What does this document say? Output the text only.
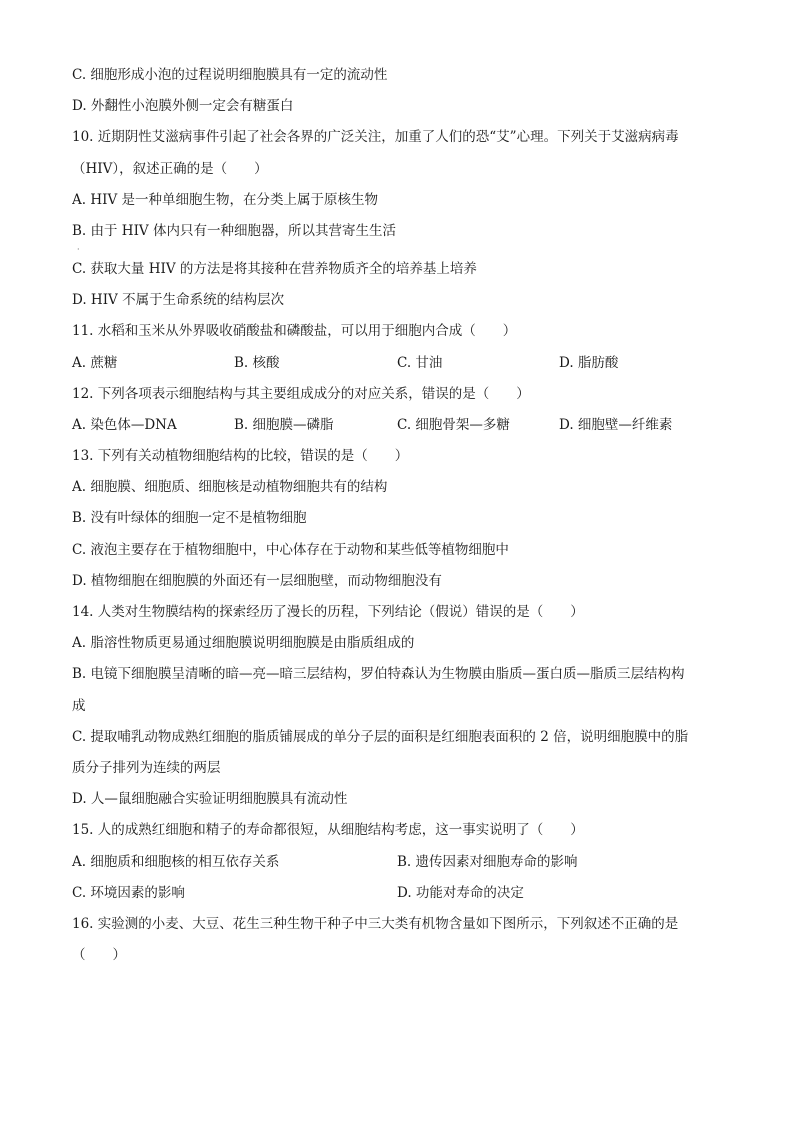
C. 细胞形成小泡的过程说明细胞膜具有一定的流动性
D. 外翻性小泡膜外侧一定会有糖蛋白
10. 近期阴性艾滋病事件引起了社会各界的广泛关注，加重了人们的恐“艾”心理。下列关于艾滋病病毒
（HIV），叙述正确的是（　　）
A. HIV 是一种单细胞生物，在分类上属于原核生物
B. 由于 HIV 体内只有一种细胞器，所以其营寄生生活
C. 获取大量 HIV 的方法是将其接种在营养物质齐全的培养基上培养
D. HIV 不属于生命系统的结构层次
11. 水稻和玉米从外界吸收硝酸盐和磷酸盐，可以用于细胞内合成（　　）
A. 蔗糖	B. 核酸	C. 甘油	D. 脂肪酸
12. 下列各项表示细胞结构与其主要组成成分的对应关系，错误的是（　　）
A. 染色体—DNA	B. 细胞膜—磷脂	C. 细胞骨架—多糖	D. 细胞壁—纤维素
13. 下列有关动植物细胞结构的比较，错误的是（　　）
A. 细胞膜、细胞质、细胞核是动植物细胞共有的结构
B. 没有叶绿体的细胞一定不是植物细胞
C. 液泡主要存在于植物细胞中，中心体存在于动物和某些低等植物细胞中
D. 植物细胞在细胞膜的外面还有一层细胞壁，而动物细胞没有
14. 人类对生物膜结构的探索经历了漫长的历程，下列结论（假说）错误的是（　　）
A. 脂溶性物质更易通过细胞膜说明细胞膜是由脂质组成的
B. 电镜下细胞膜呈清晰的暗—亮—暗三层结构，罗伯特森认为生物膜由脂质—蛋白质—脂质三层结构构
成
C. 提取哺乳动物成熟红细胞的脂质铺展成的单分子层的面积是红细胞表面积的 2 倍，说明细胞膜中的脂
质分子排列为连续的两层
D. 人—鼠细胞融合实验证明细胞膜具有流动性
15. 人的成熟红细胞和精子的寿命都很短，从细胞结构考虑，这一事实说明了（　　）
A. 细胞质和细胞核的相互依存关系	B. 遗传因素对细胞寿命的影响
C. 环境因素的影响	D. 功能对寿命的决定
16. 实验测的小麦、大豆、花生三种生物干种子中三大类有机物含量如下图所示，下列叙述不正确的是
（　　）
·
